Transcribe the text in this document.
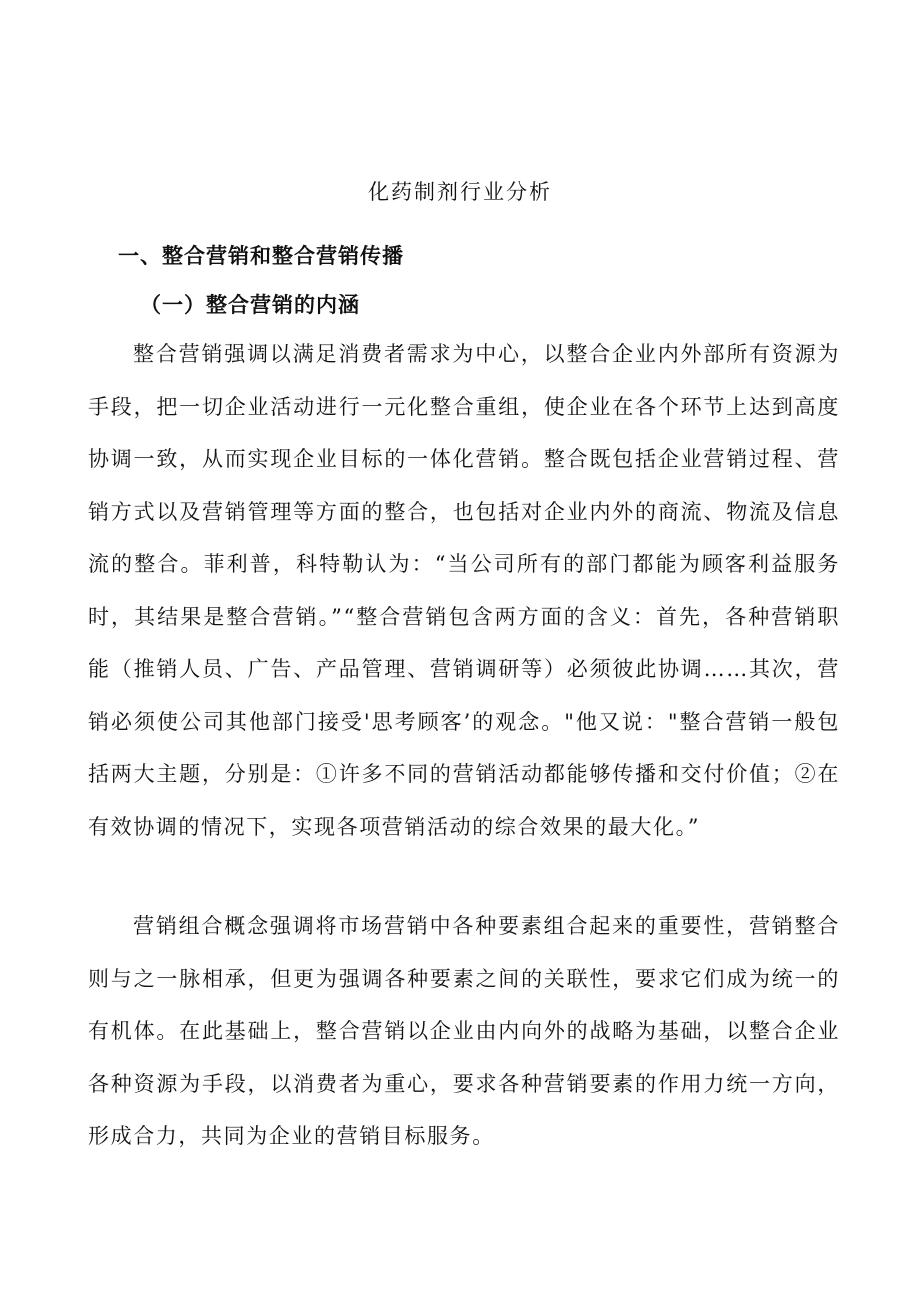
化药制剂行业分析
一、整合营销和整合营销传播
（一）整合营销的内涵

整合营销强调以满足消费者需求为中心，以整合企业内外部所有资源为手段，把一切企业活动进行一元化整合重组，使企业在各个环节上达到高度协调一致，从而实现企业目标的一体化营销。整合既包括企业营销过程、营销方式以及营销管理等方面的整合，也包括对企业内外的商流、物流及信息流的整合。菲利普，科特勒认为：“当公司所有的部门都能为顾客利益服务时，其结果是整合营销。”“整合营销包含两方面的含义：首先，各种营销职能（推销人员、广告、产品管理、营销调研等）必须彼此协调……其次，营销必须使公司其他部门接受'思考顾客’的观念。"他又说："整合营销一般包括两大主题，分别是：①许多不同的营销活动都能够传播和交付价值；②在有效协调的情况下，实现各项营销活动的综合效果的最大化。”

营销组合概念强调将市场营销中各种要素组合起来的重要性，营销整合则与之一脉相承，但更为强调各种要素之间的关联性，要求它们成为统一的有机体。在此基础上，整合营销以企业由内向外的战略为基础，以整合企业各种资源为手段，以消费者为重心，要求各种营销要素的作用力统一方向，形成合力，共同为企业的营销目标服务。
